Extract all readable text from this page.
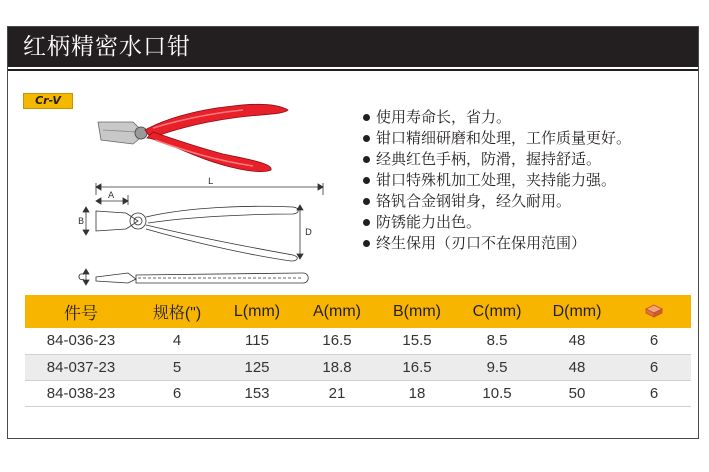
红柄精密水口钳
Cr-V
L
A
B
D
C
使用寿命长，省力。
钳口精细研磨和处理，工作质量更好。
经典红色手柄，防滑，握持舒适。
钳口特殊机加工处理，夹持能力强。
铬钒合金钢钳身，经久耐用。
防锈能力出色。
终生保用（刃口不在保用范围）
件号	规格(")	L(mm)	A(mm)	B(mm)	C(mm)	D(mm)	
84-036-23	4	115	16.5	15.5	8.5	48	6
84-037-23	5	125	18.8	16.5	9.5	48	6
84-038-23	6	153	21	18	10.5	50	6
